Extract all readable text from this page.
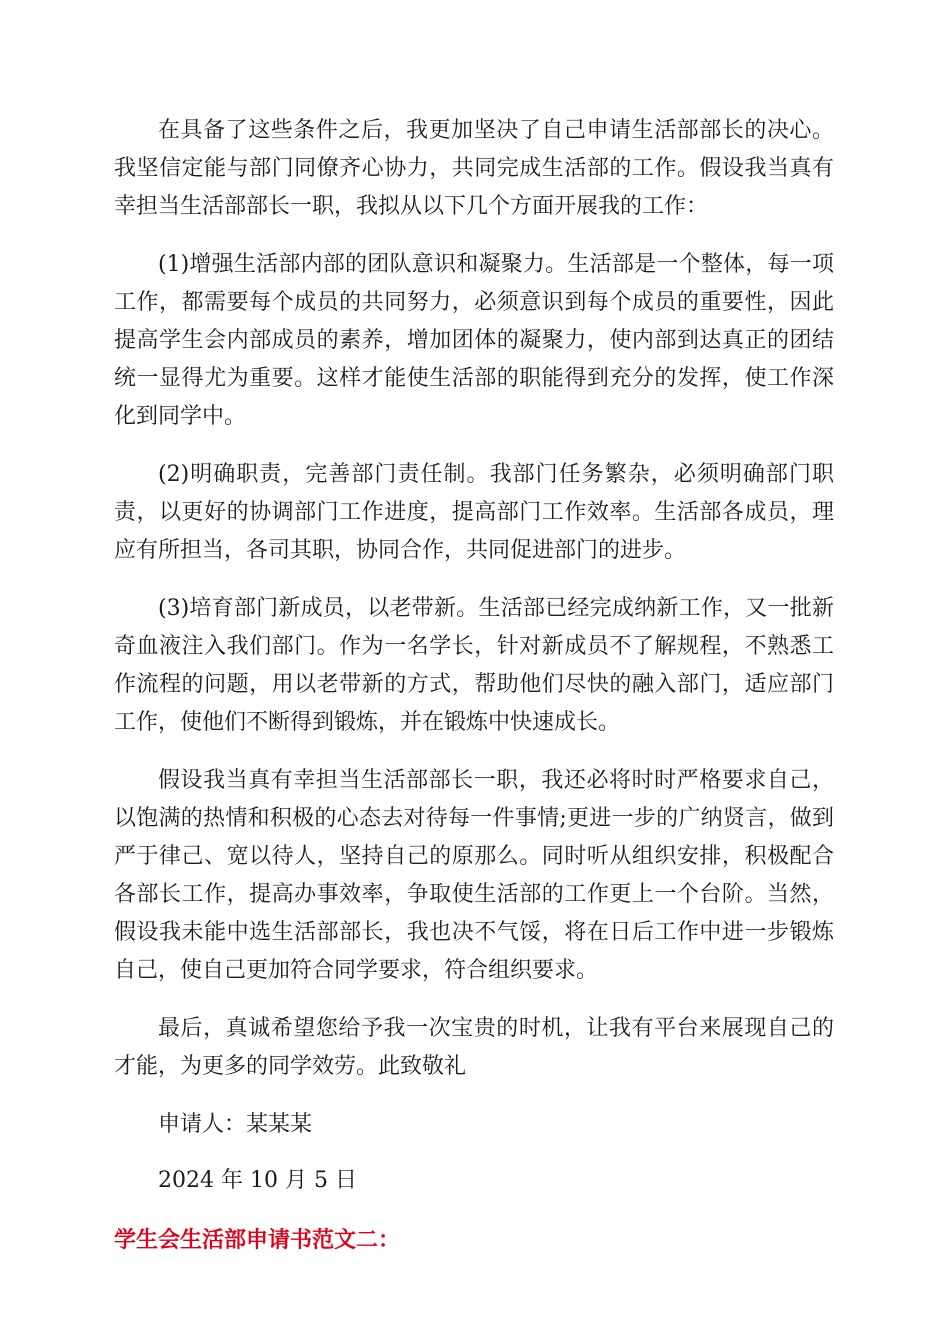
在具备了这些条件之后，我更加坚决了自己申请生活部部长的决心。我坚信定能与部门同僚齐心协力，共同完成生活部的工作。假设我当真有幸担当生活部部长一职，我拟从以下几个方面开展我的工作：

(1)增强生活部内部的团队意识和凝聚力。生活部是一个整体，每一项工作，都需要每个成员的共同努力，必须意识到每个成员的重要性，因此提高学生会内部成员的素养，增加团体的凝聚力，使内部到达真正的团结统一显得尤为重要。这样才能使生活部的职能得到充分的发挥，使工作深化到同学中。

(2)明确职责，完善部门责任制。我部门任务繁杂，必须明确部门职责，以更好的协调部门工作进度，提高部门工作效率。生活部各成员，理应有所担当，各司其职，协同合作，共同促进部门的进步。

(3)培育部门新成员，以老带新。生活部已经完成纳新工作，又一批新奇血液注入我们部门。作为一名学长，针对新成员不了解规程，不熟悉工作流程的问题，用以老带新的方式，帮助他们尽快的融入部门，适应部门工作，使他们不断得到锻炼，并在锻炼中快速成长。

假设我当真有幸担当生活部部长一职，我还必将时时严格要求自己，以饱满的热情和积极的心态去对待每一件事情;更进一步的广纳贤言，做到严于律己、宽以待人，坚持自己的原那么。同时听从组织安排，积极配合各部长工作，提高办事效率，争取使生活部的工作更上一个台阶。当然，假设我未能中选生活部部长，我也决不气馁，将在日后工作中进一步锻炼自己，使自己更加符合同学要求，符合组织要求。

最后，真诚希望您给予我一次宝贵的时机，让我有平台来展现自己的才能，为更多的同学效劳。此致敬礼

申请人：某某某

2024 年 10 月 5 日

学生会生活部申请书范文二：
